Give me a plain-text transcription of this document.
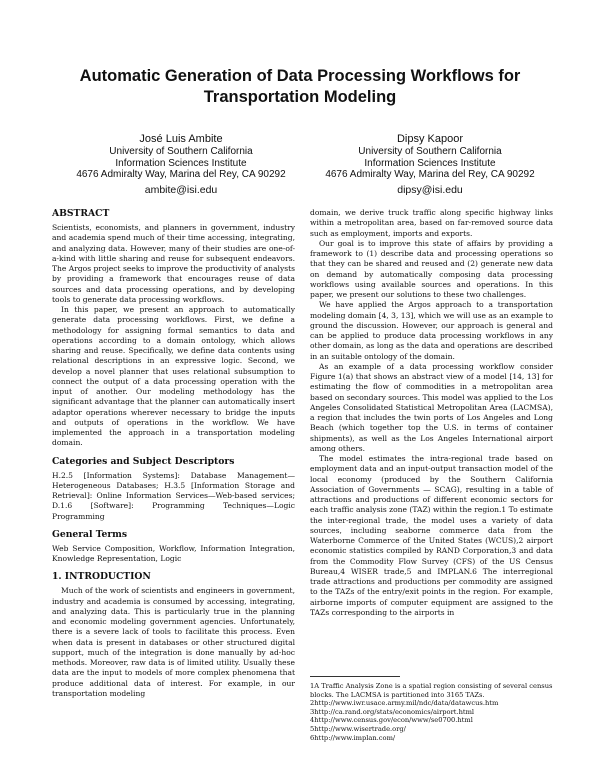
Automatic Generation of Data Processing Workflows for
Transportation Modeling
José Luis Ambite
University of Southern California
Information Sciences Institute
4676 Admiralty Way, Marina del Rey, CA 90292
ambite@isi.edu
Dipsy Kapoor
University of Southern California
Information Sciences Institute
4676 Admiralty Way, Marina del Rey, CA 90292
dipsy@isi.edu
ABSTRACT

Scientists, economists, and planners in government, industry and academia spend much of their time accessing, integrating, and analyzing data. However, many of their studies are one-of-a-kind with little sharing and reuse for subsequent endeavors. The Argos project seeks to improve the productivity of analysts by providing a framework that encourages reuse of data sources and data processing operations, and by developing tools to generate data processing workflows.

In this paper, we present an approach to automatically generate data processing workflows. First, we define a methodology for assigning formal semantics to data and operations according to a domain ontology, which allows sharing and reuse. Specifically, we define data contents using relational descriptions in an expressive logic. Second, we develop a novel planner that uses relational subsumption to connect the output of a data processing operation with the input of another. Our modeling methodology has the significant advantage that the planner can automatically insert adaptor operations wherever necessary to bridge the inputs and outputs of operations in the workflow. We have implemented the approach in a transportation modeling domain.

Categories and Subject Descriptors

H.2.5 [Information Systems]: Database Management—Heterogeneous Databases; H.3.5 [Information Storage and Retrieval]: Online Information Services—Web-based services; D.1.6 [Software]: Programming Techniques—Logic Programming

General Terms

Web Service Composition, Workflow, Information Integration, Knowledge Representation, Logic

1. INTRODUCTION

Much of the work of scientists and engineers in government, industry and academia is consumed by accessing, integrating, and analyzing data. This is particularly true in the planning and economic modeling government agencies. Unfortunately, there is a severe lack of tools to facilitate this process. Even when data is present in databases or other structured digital support, much of the integration is done manually by ad-hoc methods. Moreover, raw data is of limited utility. Usually these data are the input to models of more complex phenomena that produce additional data of interest. For example, in our transportation modeling

domain, we derive truck traffic along specific highway links within a metropolitan area, based on far-removed source data such as employment, imports and exports.

Our goal is to improve this state of affairs by providing a framework to (1) describe data and processing operations so that they can be shared and reused and (2) generate new data on demand by automatically composing data processing workflows using available sources and operations. In this paper, we present our solutions to these two challenges.

We have applied the Argos approach to a transportation modeling domain [4, 3, 13], which we will use as an example to ground the discussion. However, our approach is general and can be applied to produce data processing workflows in any other domain, as long as the data and operations are described in an suitable ontology of the domain.

As an example of a data processing workflow consider Figure 1(a) that shows an abstract view of a model [14, 13] for estimating the flow of commodities in a metropolitan area based on secondary sources. This model was applied to the Los Angeles Consolidated Statistical Metropolitan Area (LACMSA), a region that includes the twin ports of Los Angeles and Long Beach (which together top the U.S. in terms of container shipments), as well as the Los Angeles International airport among others.

The model estimates the intra-regional trade based on employment data and an input-output transaction model of the local economy (produced by the Southern California Association of Governments — SCAG), resulting in a table of attractions and productions of different economic sectors for each traffic analysis zone (TAZ) within the region.1 To estimate the inter-regional trade, the model uses a variety of data sources, including seaborne commerce data from the Waterborne Commerce of the United States (WCUS),2 airport economic statistics compiled by RAND Corporation,3 and data from the Commodity Flow Survey (CFS) of the US Census Bureau,4 WISER trade,5 and IMPLAN.6 The interregional trade attractions and productions per commodity are assigned to the TAZs of the entry/exit points in the region. For example, airborne imports of computer equipment are assigned to the TAZs corresponding to the airports in

1A Traffic Analysis Zone is a spatial region consisting of several census blocks. The LACMSA is partitioned into 3165 TAZs.
2http://www.iwr.usace.army.mil/ndc/data/datawcus.htm
3http://ca.rand.org/stats/economics/airport.html
4http://www.census.gov/econ/www/se0700.html
5http://www.wisertrade.org/
6http://www.implan.com/
